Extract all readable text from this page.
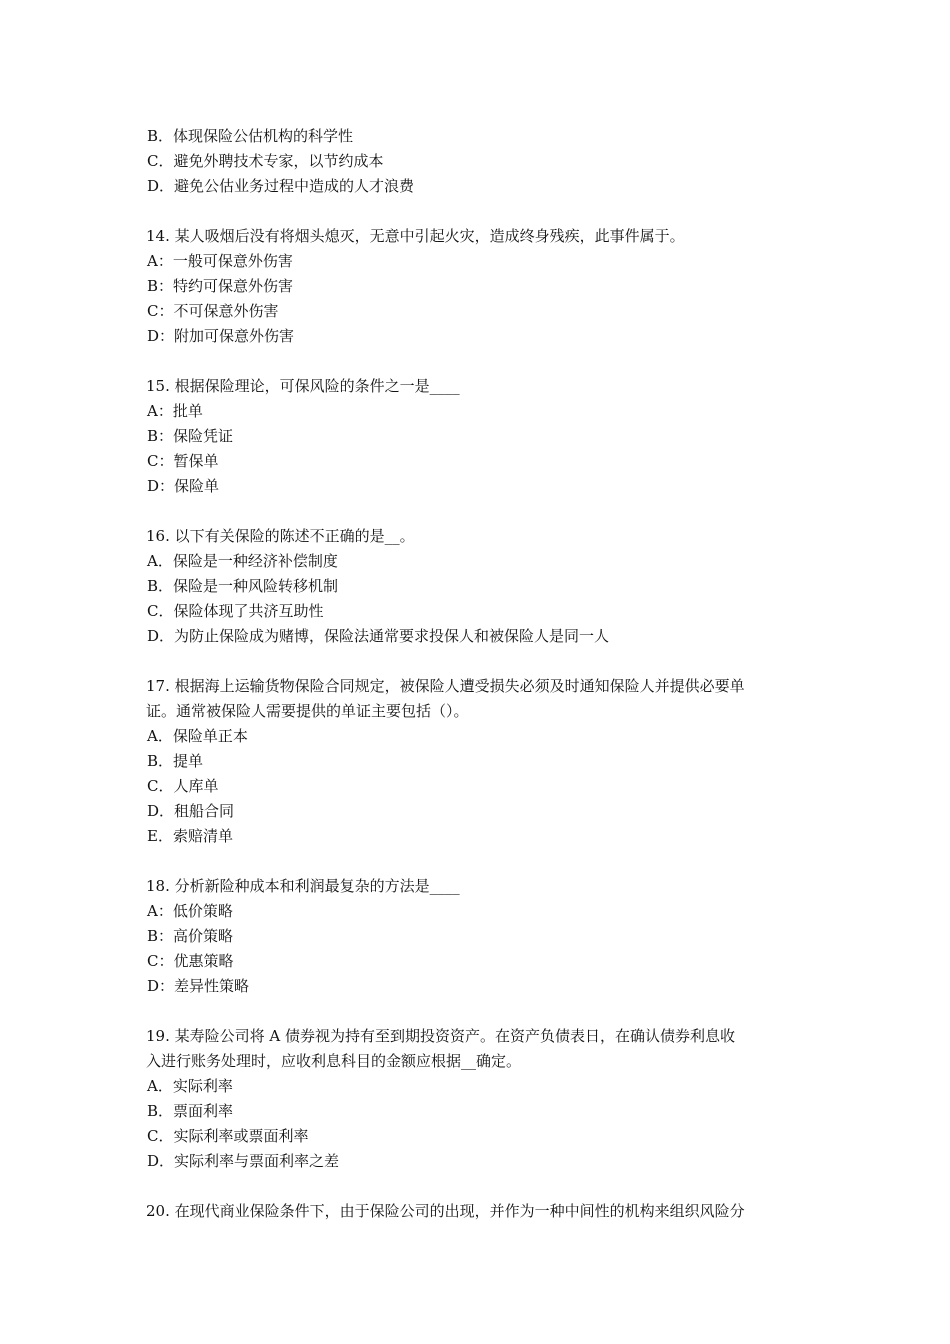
B．体现保险公估机构的科学性
C．避免外聘技术专家，以节约成本
D．避免公估业务过程中造成的人才浪费
14. 某人吸烟后没有将烟头熄灭，无意中引起火灾，造成终身残疾，此事件属于。
A：一般可保意外伤害
B：特约可保意外伤害
C：不可保意外伤害
D：附加可保意外伤害
15. 根据保险理论，可保风险的条件之一是____
A：批单
B：保险凭证
C：暂保单
D：保险单
16. 以下有关保险的陈述不正确的是__。
A．保险是一种经济补偿制度
B．保险是一种风险转移机制
C．保险体现了共济互助性
D．为防止保险成为赌博，保险法通常要求投保人和被保险人是同一人
17. 根据海上运输货物保险合同规定，被保险人遭受损失必须及时通知保险人并提供必要单
证。通常被保险人需要提供的单证主要包括（）。
A．保险单正本
B．提单
C．人库单
D．租船合同
E．索赔清单
18. 分析新险种成本和利润最复杂的方法是____
A：低价策略
B：高价策略
C：优惠策略
D：差异性策略
19. 某寿险公司将 A 债券视为持有至到期投资资产。在资产负债表日，在确认债券利息收
入进行账务处理时，应收利息科目的金额应根据__确定。
A．实际利率
B．票面利率
C．实际利率或票面利率
D．实际利率与票面利率之差
20. 在现代商业保险条件下，由于保险公司的出现，并作为一种中间性的机构来组织风险分
